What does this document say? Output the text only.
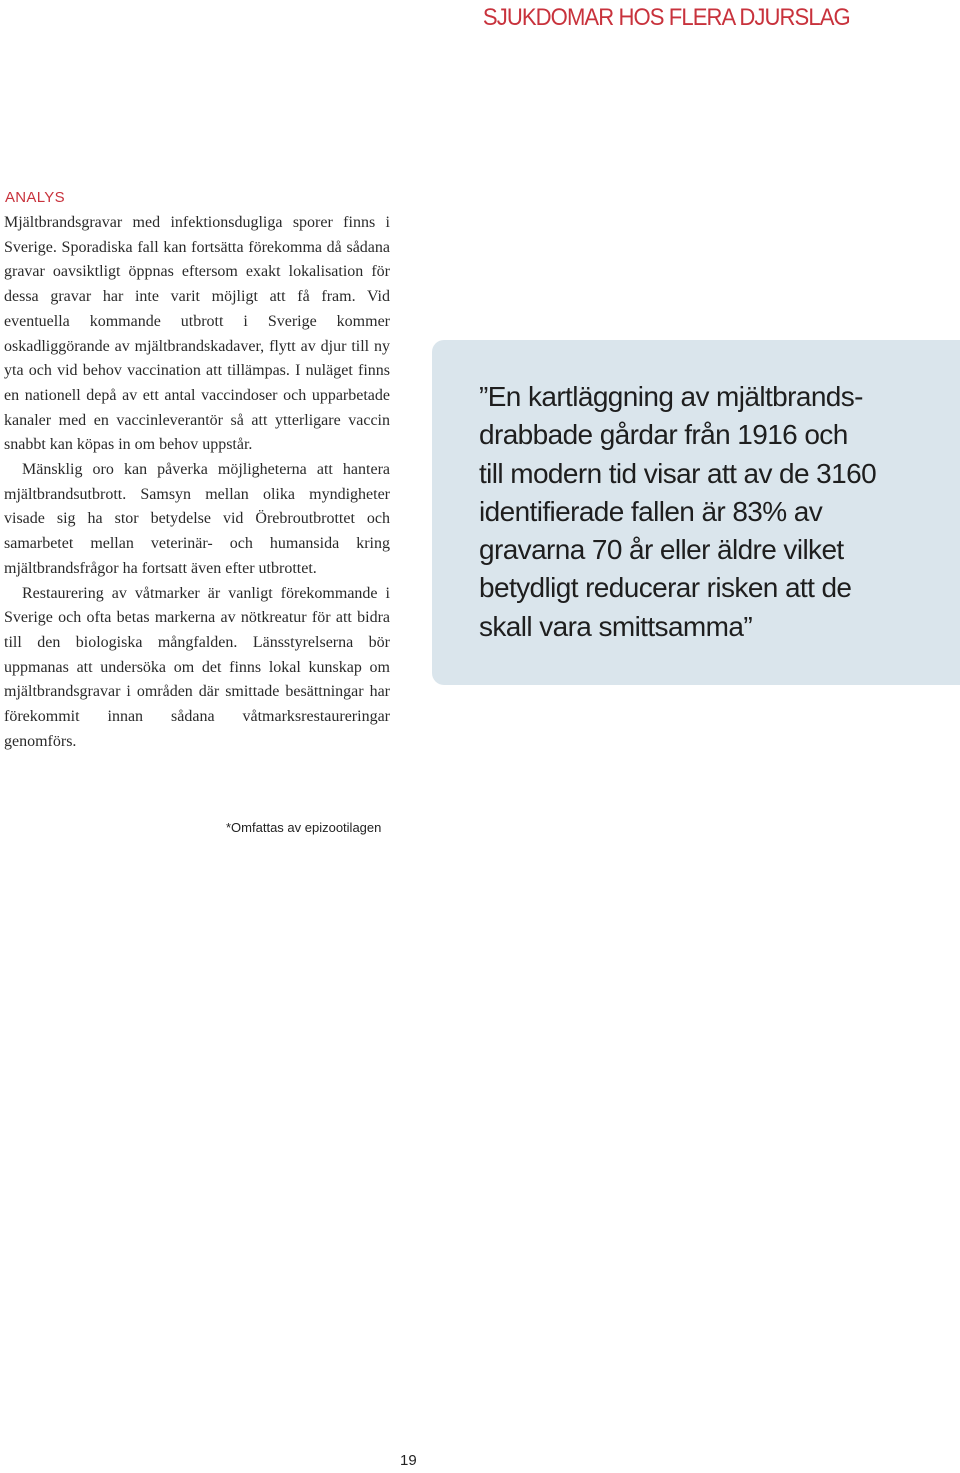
SJUKDOMAR HOS FLERA DJURSLAG
ANALYS

Mjältbrandsgravar med infektionsdugliga sporer finns i Sverige. Sporadiska fall kan fortsätta förekomma då sådana gravar oavsiktligt öppnas eftersom exakt lokalisation för dessa gravar har inte varit möjligt att få fram. Vid eventuella kommande utbrott i Sverige kommer oskadliggörande av mjältbrandskadaver, flytt av djur till ny yta och vid behov vaccination att tillämpas. I nuläget finns en nationell depå av ett antal vaccindoser och upparbetade kanaler med en vaccinleverantör så att ytterligare vaccin snabbt kan köpas in om behov uppstår.

Mänsklig oro kan påverka möjligheterna att hantera mjältbrandsutbrott. Samsyn mellan olika myndigheter visade sig ha stor betydelse vid Örebroutbrottet och samarbetet mellan veterinär- och humansida kring mjältbrandsfrågor ha fortsatt även efter utbrottet.

Restaurering av våtmarker är vanligt förekommande i Sverige och ofta betas markerna av nötkreatur för att bidra till den biologiska mångfalden. Länsstyrelserna bör uppmanas att undersöka om det finns lokal kunskap om mjältbrandsgravar i områden där smittade besättningar har förekommit innan sådana våtmarksrestaureringar genomförs.

*Omfattas av epizootilagen

”En kartläggning av mjältbrands-
drabbade gårdar från 1916 och
till modern tid visar att av de 3160
identifierade fallen är 83% av
gravarna 70 år eller äldre vilket
betydligt reducerar risken att de
skall vara smittsamma”

19
